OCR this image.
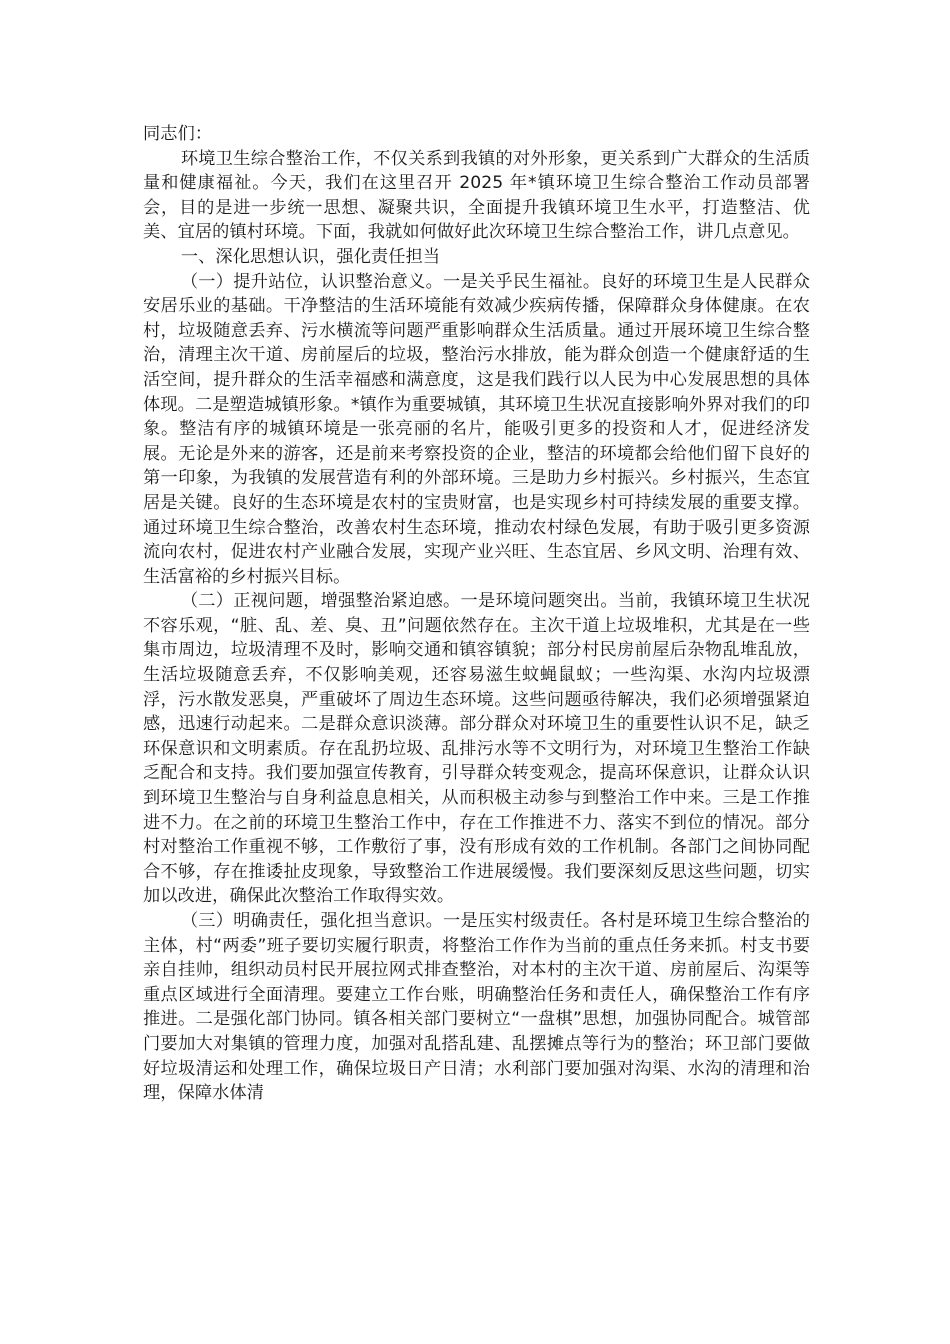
同志们：

环境卫生综合整治工作，不仅关系到我镇的对外形象，更关系到广大群众的生活质量和健康福祉。今天，我们在这里召开 2025 年*镇环境卫生综合整治工作动员部署会，目的是进一步统一思想、凝聚共识，全面提升我镇环境卫生水平，打造整洁、优美、宜居的镇村环境。下面，我就如何做好此次环境卫生综合整治工作，讲几点意见。

一、深化思想认识，强化责任担当

（一）提升站位，认识整治意义。一是关乎民生福祉。良好的环境卫生是人民群众安居乐业的基础。干净整洁的生活环境能有效减少疾病传播，保障群众身体健康。在农村，垃圾随意丢弃、污水横流等问题严重影响群众生活质量。通过开展环境卫生综合整治，清理主次干道、房前屋后的垃圾，整治污水排放，能为群众创造一个健康舒适的生活空间，提升群众的生活幸福感和满意度，这是我们践行以人民为中心发展思想的具体体现。二是塑造城镇形象。*镇作为重要城镇，其环境卫生状况直接影响外界对我们的印象。整洁有序的城镇环境是一张亮丽的名片，能吸引更多的投资和人才，促进经济发展。无论是外来的游客，还是前来考察投资的企业，整洁的环境都会给他们留下良好的第一印象，为我镇的发展营造有利的外部环境。三是助力乡村振兴。乡村振兴，生态宜居是关键。良好的生态环境是农村的宝贵财富，也是实现乡村可持续发展的重要支撑。通过环境卫生综合整治，改善农村生态环境，推动农村绿色发展，有助于吸引更多资源流向农村，促进农村产业融合发展，实现产业兴旺、生态宜居、乡风文明、治理有效、生活富裕的乡村振兴目标。

（二）正视问题，增强整治紧迫感。一是环境问题突出。当前，我镇环境卫生状况不容乐观，“脏、乱、差、臭、丑”问题依然存在。主次干道上垃圾堆积，尤其是在一些集市周边，垃圾清理不及时，影响交通和镇容镇貌；部分村民房前屋后杂物乱堆乱放，生活垃圾随意丢弃，不仅影响美观，还容易滋生蚊蝇鼠蚁；一些沟渠、水沟内垃圾漂浮，污水散发恶臭，严重破坏了周边生态环境。这些问题亟待解决，我们必须增强紧迫感，迅速行动起来。二是群众意识淡薄。部分群众对环境卫生的重要性认识不足，缺乏环保意识和文明素质。存在乱扔垃圾、乱排污水等不文明行为，对环境卫生整治工作缺乏配合和支持。我们要加强宣传教育，引导群众转变观念，提高环保意识，让群众认识到环境卫生整治与自身利益息息相关，从而积极主动参与到整治工作中来。三是工作推进不力。在之前的环境卫生整治工作中，存在工作推进不力、落实不到位的情况。部分村对整治工作重视不够，工作敷衍了事，没有形成有效的工作机制。各部门之间协同配合不够，存在推诿扯皮现象，导致整治工作进展缓慢。我们要深刻反思这些问题，切实加以改进，确保此次整治工作取得实效。

（三）明确责任，强化担当意识。一是压实村级责任。各村是环境卫生综合整治的主体，村“两委”班子要切实履行职责，将整治工作作为当前的重点任务来抓。村支书要亲自挂帅，组织动员村民开展拉网式排查整治，对本村的主次干道、房前屋后、沟渠等重点区域进行全面清理。要建立工作台账，明确整治任务和责任人，确保整治工作有序推进。二是强化部门协同。镇各相关部门要树立“一盘棋”思想，加强协同配合。城管部门要加大对集镇的管理力度，加强对乱搭乱建、乱摆摊点等行为的整治；环卫部门要做好垃圾清运和处理工作，确保垃圾日产日清；水利部门要加强对沟渠、水沟的清理和治理，保障水体清
